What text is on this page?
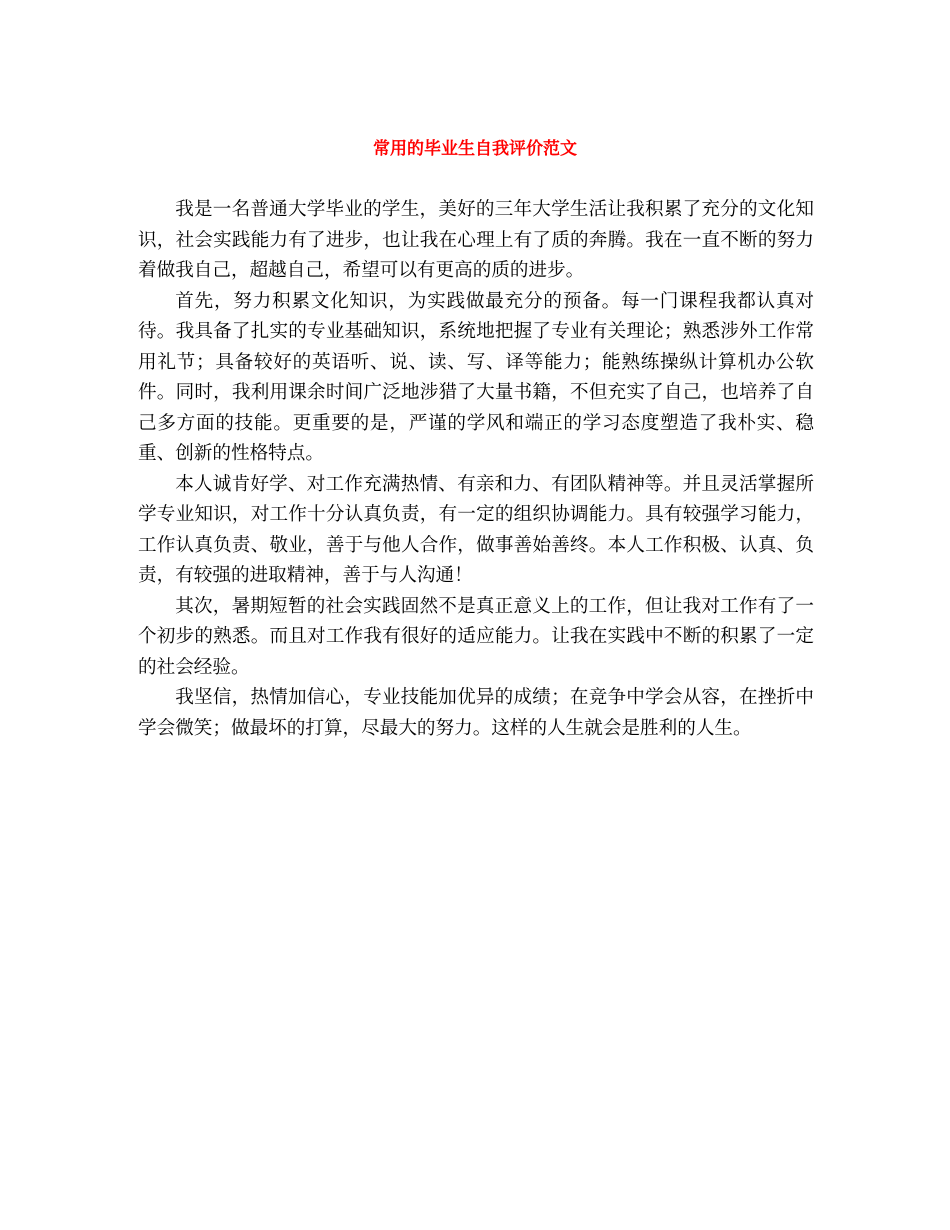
常用的毕业生自我评价范文

我是一名普通大学毕业的学生，美好的三年大学生活让我积累了充分的文化知识，社会实践能力有了进步，也让我在心理上有了质的奔腾。我在一直不断的努力着做我自己，超越自己，希望可以有更高的质的进步。

首先，努力积累文化知识，为实践做最充分的预备。每一门课程我都认真对待。我具备了扎实的专业基础知识，系统地把握了专业有关理论；熟悉涉外工作常用礼节；具备较好的英语听、说、读、写、译等能力；能熟练操纵计算机办公软件。同时，我利用课余时间广泛地涉猎了大量书籍，不但充实了自己，也培养了自己多方面的技能。更重要的是，严谨的学风和端正的学习态度塑造了我朴实、稳重、创新的性格特点。

本人诚肯好学、对工作充满热情、有亲和力、有团队精神等。并且灵活掌握所学专业知识，对工作十分认真负责，有一定的组织协调能力。具有较强学习能力，工作认真负责、敬业，善于与他人合作，做事善始善终。本人工作积极、认真、负责，有较强的进取精神，善于与人沟通！

其次，暑期短暂的社会实践固然不是真正意义上的工作，但让我对工作有了一个初步的熟悉。而且对工作我有很好的适应能力。让我在实践中不断的积累了一定的社会经验。

我坚信，热情加信心，专业技能加优异的成绩；在竞争中学会从容，在挫折中学会微笑；做最坏的打算，尽最大的努力。这样的人生就会是胜利的人生。
